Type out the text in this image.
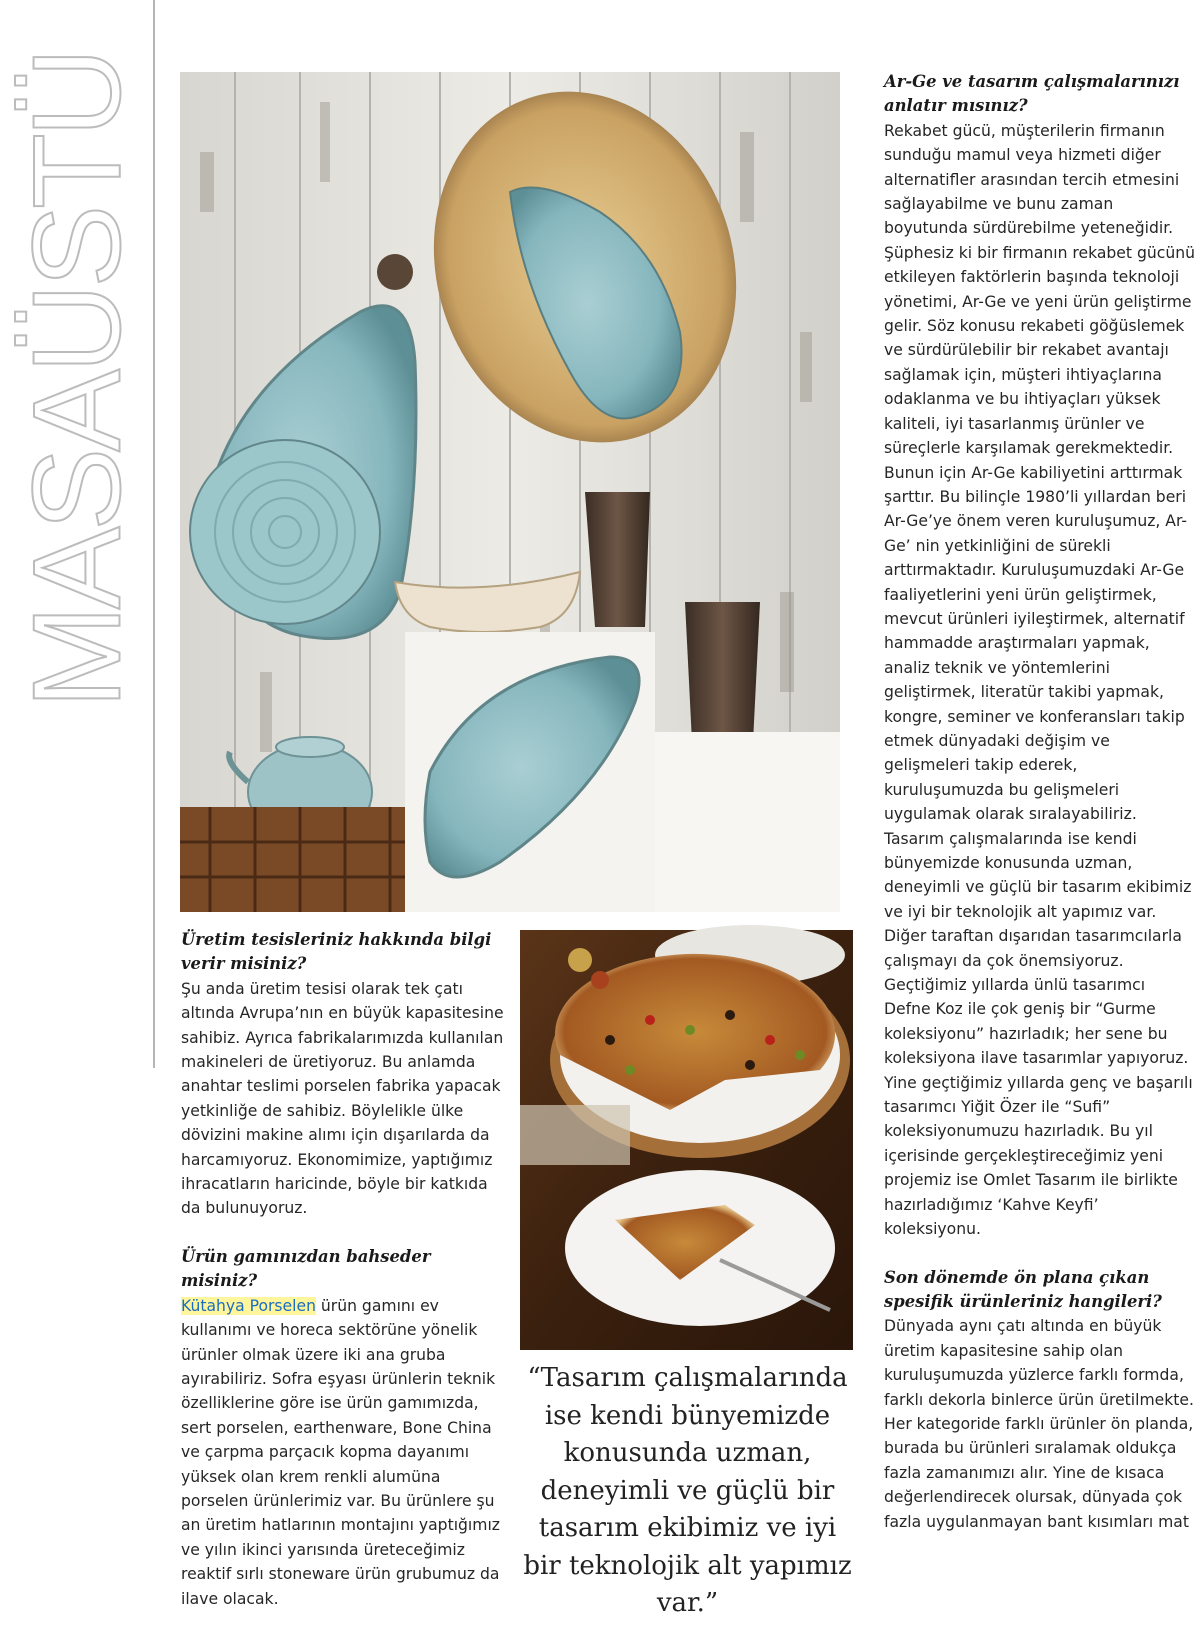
MASAÜSTÜ
Üretim tesisleriniz hakkında bilgi verir misiniz?
Şu anda üretim tesisi olarak tek çatı altında Avrupa’nın en büyük kapasitesine sahibiz. Ayrıca fabrikalarımızda kullanılan makineleri de üretiyoruz. Bu anlamda anahtar teslimi porselen fabrika yapacak yetkinliğe de sahibiz. Böylelikle ülke dövizini makine alımı için dışarılarda da harcamıyoruz. Ekonomimize, yaptığımız ihracatların haricinde, böyle bir katkıda da bulunuyoruz.
Ürün gamınızdan bahseder misiniz?
Kütahya Porselen ürün gamını ev kullanımı ve horeca sektörüne yönelik ürünler olmak üzere iki ana gruba ayırabiliriz. Sofra eşyası ürünlerin teknik özelliklerine göre ise ürün gamımızda, sert porselen, earthenware, Bone China ve çarpma parçacık kopma dayanımı yüksek olan krem renkli alumüna porselen ürünlerimiz var. Bu ürünlere şu an üretim hatlarının montajını yaptığımız ve yılın ikinci yarısında üreteceğimiz reaktif sırlı stoneware ürün grubumuz da ilave olacak.
“Tasarım çalışmalarında ise kendi bünyemizde konusunda uzman, deneyimli ve güçlü bir tasarım ekibimiz ve iyi bir teknolojik alt yapımız var.”
Ar-Ge ve tasarım çalışmalarınızı anlatır mısınız?
Rekabet gücü, müşterilerin firmanın sunduğu mamul veya hizmeti diğer alternatifler arasından tercih etmesini sağlayabilme ve bunu zaman boyutunda sürdürebilme yeteneğidir. Şüphesiz ki bir firmanın rekabet gücünü etkileyen faktörlerin başında teknoloji yönetimi, Ar-Ge ve yeni ürün geliştirme gelir. Söz konusu rekabeti göğüslemek ve sürdürülebilir bir rekabet avantajı sağlamak için, müşteri ihtiyaçlarına odaklanma ve bu ihtiyaçları yüksek kaliteli, iyi tasarlanmış ürünler ve süreçlerle karşılamak gerekmektedir. Bunun için Ar-Ge kabiliyetini arttırmak şarttır. Bu bilinçle 1980’li yıllardan beri Ar-Ge’ye önem veren kuruluşumuz, Ar-Ge’ nin yetkinliğini de sürekli arttırmaktadır. Kuruluşumuzdaki Ar-Ge faaliyetlerini yeni ürün geliştirmek, mevcut ürünleri iyileştirmek, alternatif hammadde araştırmaları yapmak, analiz teknik ve yöntemlerini geliştirmek, literatür takibi yapmak, kongre, seminer ve konferansları takip etmek dünyadaki değişim ve gelişmeleri takip ederek, kuruluşumuzda bu gelişmeleri uygulamak olarak sıralayabiliriz. Tasarım çalışmalarında ise kendi bünyemizde konusunda uzman, deneyimli ve güçlü bir tasarım ekibimiz ve iyi bir teknolojik alt yapımız var. Diğer taraftan dışarıdan tasarımcılarla çalışmayı da çok önemsiyoruz. Geçtiğimiz yıllarda ünlü tasarımcı Defne Koz ile çok geniş bir “Gurme koleksiyonu” hazırladık; her sene bu koleksiyona ilave tasarımlar yapıyoruz. Yine geçtiğimiz yıllarda genç ve başarılı tasarımcı Yiğit Özer ile “Sufi” koleksiyonumuzu hazırladık. Bu yıl içerisinde gerçekleştireceğimiz yeni projemiz ise Omlet Tasarım ile birlikte hazırladığımız ‘Kahve Keyfi’ koleksiyonu.
Son dönemde ön plana çıkan spesifik ürünleriniz hangileri?
Dünyada aynı çatı altında en büyük üretim kapasitesine sahip olan kuruluşumuzda yüzlerce farklı formda, farklı dekorla binlerce ürün üretilmekte. Her kategoride farklı ürünler ön planda, burada bu ürünleri sıralamak oldukça fazla zamanımızı alır. Yine de kısaca değerlendirecek olursak, dünyada çok fazla uygulanmayan bant kısımları mat
